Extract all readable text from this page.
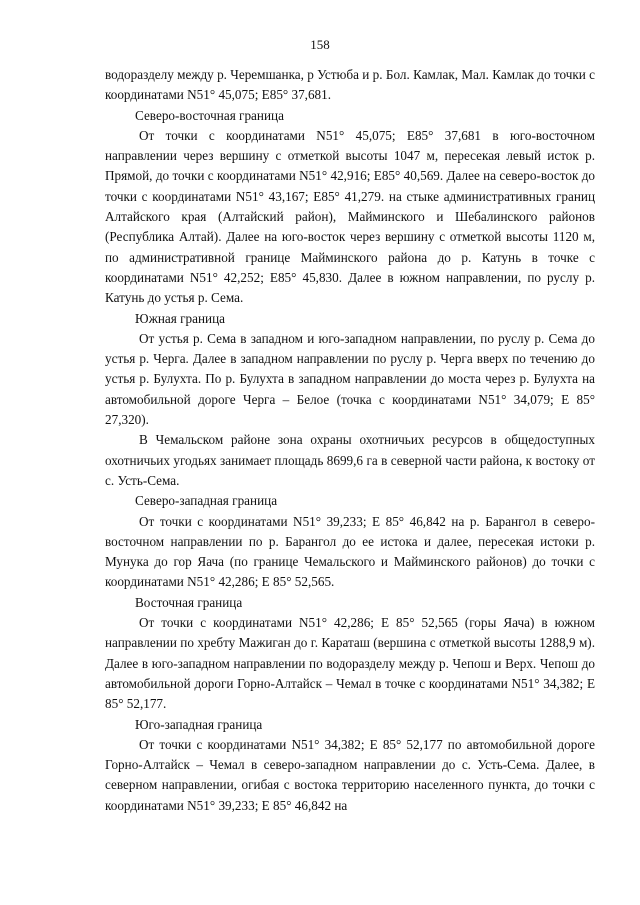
158

водоразделу между р. Черемшанка, р Устюба и р. Бол. Камлак, Мал. Камлак до точки с координатами N51° 45,075; E85° 37,681.

Северо-восточная граница

От точки с координатами N51° 45,075; E85° 37,681 в юго-восточном направлении через вершину с отметкой высоты 1047 м, пересекая левый исток р. Прямой, до точки с координатами N51° 42,916; E85° 40,569. Далее на северо-восток до точки с координатами N51° 43,167; E85° 41,279. на стыке административных границ Алтайского края (Алтайский район), Майминского и Шебалинского районов (Республика Алтай). Далее на юго-восток через вершину с отметкой высоты 1120 м, по административной границе Майминского района до р. Катунь в точке с координатами N51° 42,252; E85° 45,830. Далее в южном направлении, по руслу р. Катунь до устья р. Сема.

Южная граница

От устья р. Сема в западном и юго-западном направлении, по руслу р. Сема до устья р. Черга. Далее в западном направлении по руслу р. Черга вверх по течению до устья р. Булухта. По р. Булухта в западном направлении до моста через р. Булухта на автомобильной дороге Черга – Белое (точка с координатами N51° 34,079; E 85° 27,320).

В Чемальском районе зона охраны охотничьих ресурсов в общедоступных охотничьих угодьях занимает площадь 8699,6 га в северной части района, к востоку от с. Усть-Сема.

Северо-западная граница

От точки с координатами N51° 39,233; E 85° 46,842 на р. Барангол в северо-восточном направлении по р. Барангол до ее истока и далее, пересекая истоки р. Мунука до гор Яача (по границе Чемальского и Майминского районов) до точки с координатами N51° 42,286; E 85° 52,565.

Восточная граница

От точки с координатами N51° 42,286; E 85° 52,565 (горы Яача) в южном направлении по хребту Мажиган до г. Караташ (вершина с отметкой высоты 1288,9 м). Далее в юго-западном направлении по водоразделу между р. Чепош и Верх. Чепош до автомобильной дороги Горно-Алтайск – Чемал в точке с координатами N51° 34,382; E 85° 52,177.

Юго-западная граница

От точки с координатами N51° 34,382; E 85° 52,177 по автомобильной дороге Горно-Алтайск – Чемал в северо-западном направлении до с. Усть-Сема. Далее, в северном направлении, огибая с востока территорию населенного пункта, до точки с координатами N51° 39,233; E 85° 46,842 на
